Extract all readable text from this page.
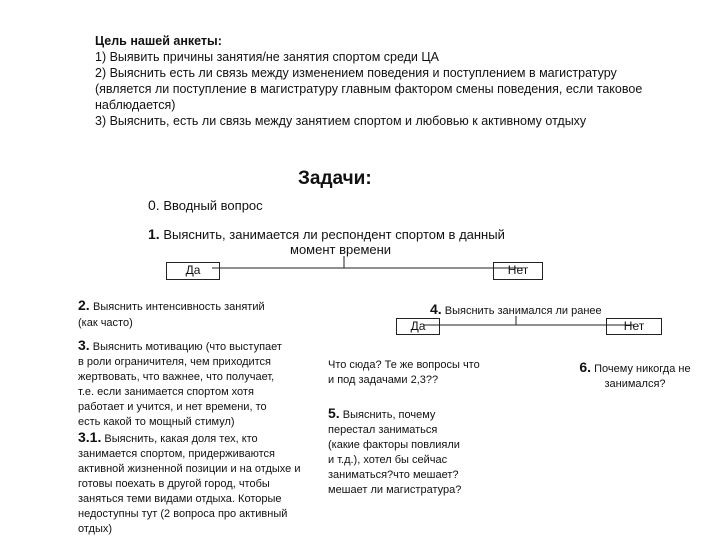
Цель нашей анкеты:
1) Выявить причины занятия/не занятия спортом среди ЦА
2) Выяснить есть ли связь между изменением поведения и поступлением в магистратуру (является ли поступление в магистратуру главным фактором смены поведения, если таковое наблюдается)
3) Выяснить, есть ли связь между занятием спортом и любовью к активному отдыху
Задачи:
0. Вводный вопрос
1. Выяснить, занимается ли респондент спортом в данный
момент времени
Да	Нет
2. Выяснить интенсивность занятий
(как часто)
3. Выяснить мотивацию (что выступает
в роли ограничителя, чем приходится жертвовать, что важнее, что получает, т.е. если занимается спортом хотя работает и учится, и нет времени, то есть какой то мощный стимул)
3.1. Выяснить, какая доля тех, кто
занимается спортом, придерживаются активной жизненной позиции и на отдыхе и готовы поехать в другой город, чтобы заняться теми видами отдыха. Которые недоступны тут (2 вопроса про активный отдых)
4. Выяснить занимался ли ранее
Да	Нет
Что сюда? Те же вопросы что и под задачами 2,3??
5. Выяснить, почему
перестал заниматься (какие факторы повлияли и т.д.), хотел бы сейчас заниматься?что мешает?мешает ли магистратура?
6. Почему никогда не
занимался?
